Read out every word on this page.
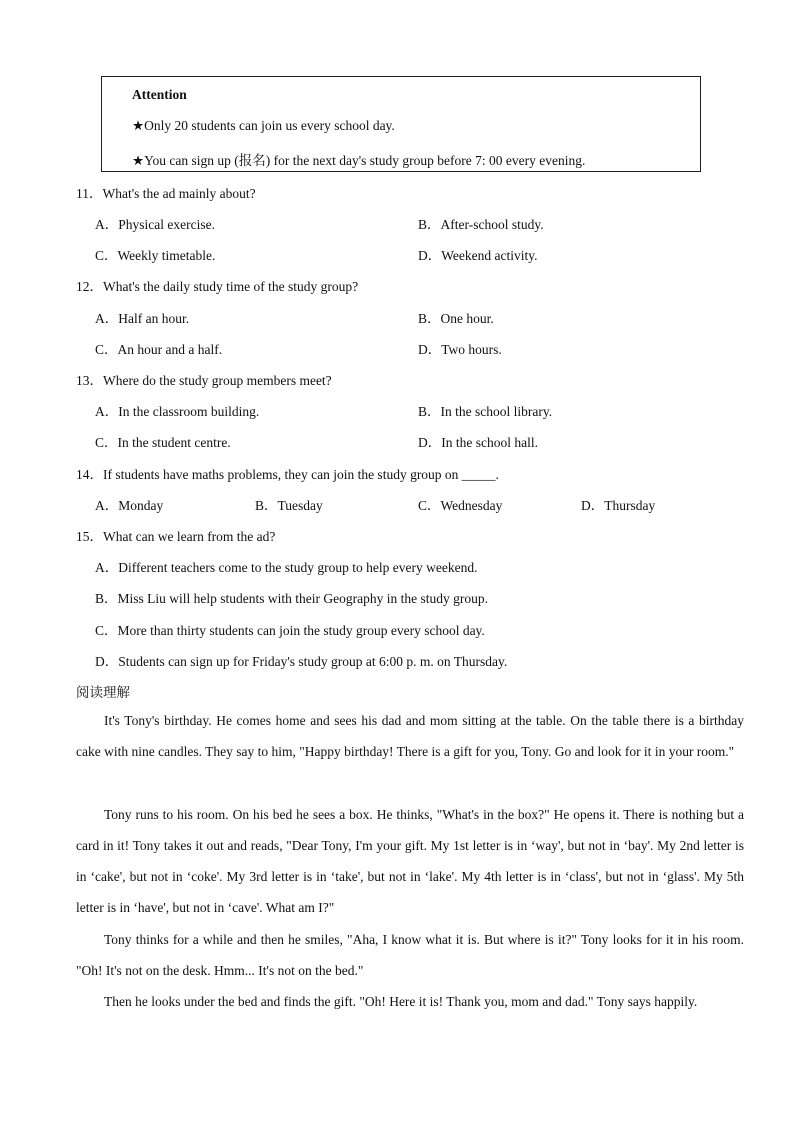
Attention
★Only 20 students can join us every school day.
★You can sign up (报名) for the next day's study group before 7: 00 every evening.
11．What's the ad mainly about?
A．Physical exercise.	B．After-school study.
C．Weekly timetable.	D．Weekend activity.
12．What's the daily study time of the study group?
A．Half an hour.	B．One hour.
C．An hour and a half.	D．Two hours.
13．Where do the study group members meet?
A．In the classroom building.	B．In the school library.
C．In the student centre.	D．In the school hall.
14．If students have maths problems, they can join the study group on _____.
A．Monday	B．Tuesday	C．Wednesday	D．Thursday
15．What can we learn from the ad?
A．Different teachers come to the study group to help every weekend.
B．Miss Liu will help students with their Geography in the study group.
C．More than thirty students can join the study group every school day.
D．Students can sign up for Friday's study group at 6:00 p. m. on Thursday.
阅读理解
It's Tony's birthday. He comes home and sees his dad and mom sitting at the table. On the table there is a birthday cake with nine candles. They say to him, "Happy birthday! There is a gift for you, Tony. Go and look for it in your room."
Tony runs to his room. On his bed he sees a box. He thinks, "What's in the box?" He opens it. There is nothing but a card in it! Tony takes it out and reads, "Dear Tony, I'm your gift. My 1st letter is in ‘way', but not in ‘bay'. My 2nd letter is in ‘cake', but not in ‘coke'. My 3rd letter is in ‘take', but not in ‘lake'. My 4th letter is in ‘class', but not in ‘glass'. My 5th letter is in ‘have', but not in ‘cave'. What am I?"
Tony thinks for a while and then he smiles, "Aha, I know what it is. But where is it?" Tony looks for it in his room. "Oh! It's not on the desk. Hmm... It's not on the bed."
Then he looks under the bed and finds the gift. "Oh! Here it is! Thank you, mom and dad." Tony says happily.
